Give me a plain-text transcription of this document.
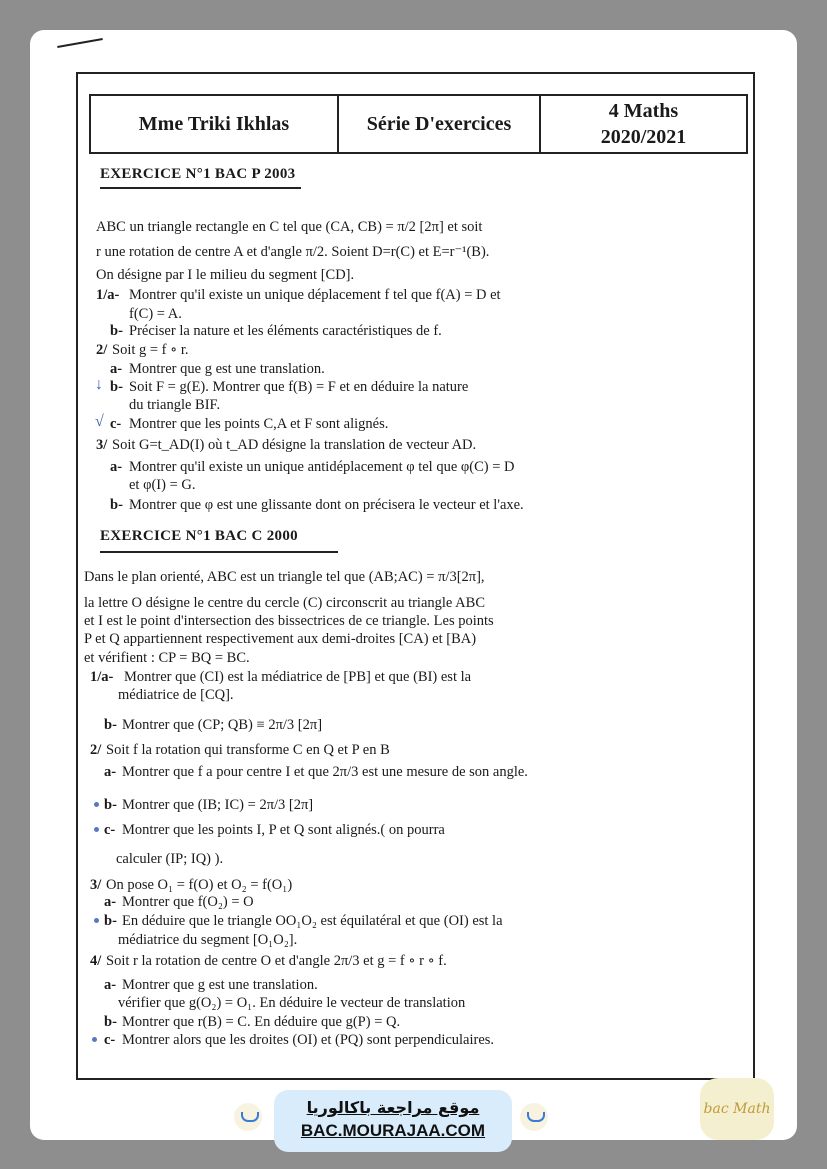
Mme Triki Ikhlas	Série D'exercices
4 Maths
2020/2021
EXERCICE N°1 BAC P 2003
ABC un triangle rectangle en C tel que (CA, CB) = π/2 [2π] et soit
r une rotation de centre A et d'angle π/2. Soient D=r(C) et E=r⁻¹(B).
On désigne par I le milieu du segment [CD].
1/a- Montrer qu'il existe un unique déplacement f tel que f(A) = D et
f(C) = A.
b- Préciser la nature et les éléments caractéristiques de f.
2/ Soit g = f ∘ r.
a- Montrer que g est une translation.
↓ b- Soit F = g(E). Montrer que f(B) = F et en déduire la nature
du triangle BIF.
√ c- Montrer que les points C,A et F sont alignés.
3/ Soit G=t_AD(I) où t_AD désigne la translation de vecteur AD.
a- Montrer qu'il existe un unique antidéplacement φ tel que φ(C) = D
et φ(I) = G.
b- Montrer que φ est une glissante dont on précisera le vecteur et l'axe.
EXERCICE N°1 BAC C 2000
Dans le plan orienté, ABC est un triangle tel que (AB;AC) = π/3[2π],
la lettre O désigne le centre du cercle (C) circonscrit au triangle ABC
et I est le point d'intersection des bissectrices de ce triangle. Les points
P et Q appartiennent respectivement aux demi-droites [CA) et [BA)
et vérifient : CP = BQ = BC.
1/a- Montrer que (CI) est la médiatrice de [PB] et que (BI) est la
médiatrice de [CQ].
b- Montrer que (CP; QB) ≡ 2π/3 [2π]
2/ Soit f la rotation qui transforme C en Q et P en B
a- Montrer que f a pour centre I et que 2π/3 est une mesure de son angle.
b- Montrer que (IB; IC) = 2π/3 [2π]
c- Montrer que les points I, P et Q sont alignés.( on pourra
calculer (IP; IQ) ).
3/ On pose O₁ = f(O) et O₂ = f(O₁)
a- Montrer que f(O₂) = O
b- En déduire que le triangle OO₁O₂ est équilatéral et que (OI) est la
médiatrice du segment [O₁O₂].
4/ Soit r la rotation de centre O et d'angle 2π/3 et g = f ∘ r ∘ f.
a- Montrer que g est une translation.
vérifier que g(O₂) = O₁. En déduire le vecteur de translation
b- Montrer que r(B) = C. En déduire que g(P) = Q.
c- Montrer alors que les droites (OI) et (PQ) sont perpendiculaires.
موقع مراجعة باكالوريا
BAC.MOURAJAA.COM
bac Math
